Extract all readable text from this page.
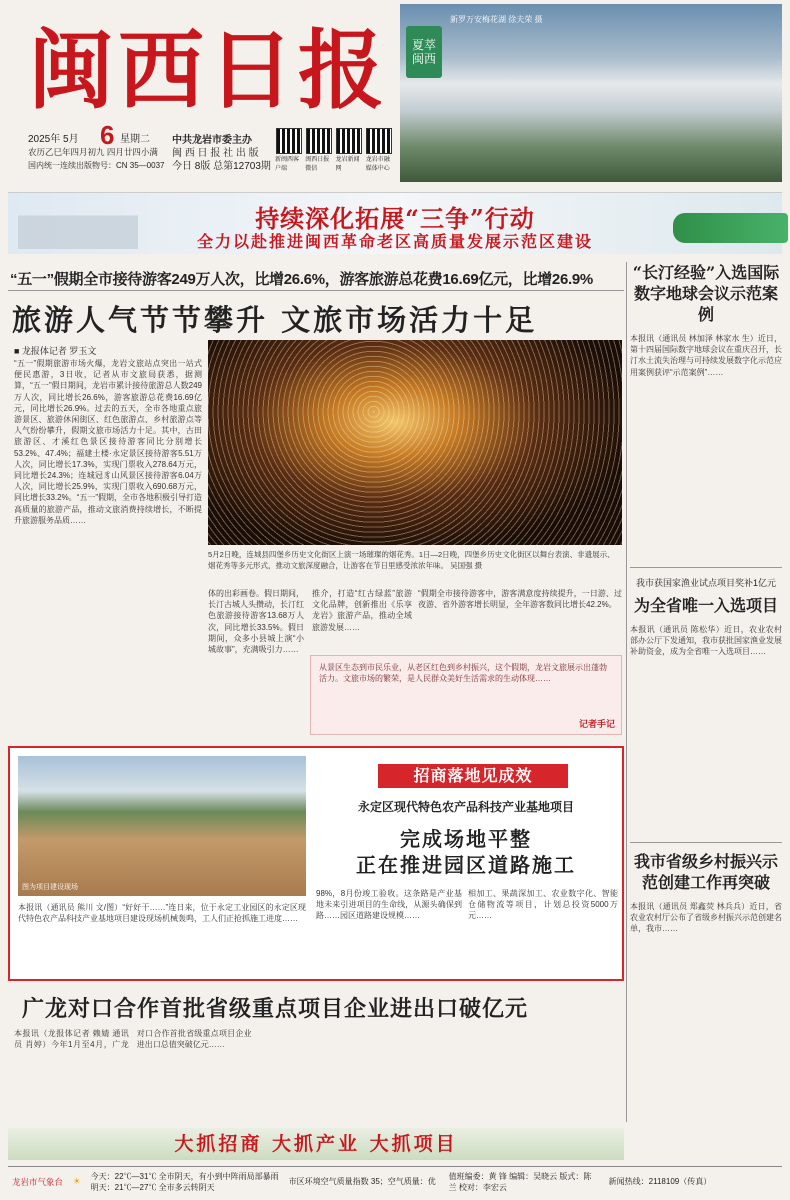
闽西日报
2025年 5月 6 星期二
农历乙巳年四月初九 四月廿四小满
国内统一连续出版物号：CN 35—0037
中共龙岩市委主办
闽 西 日 报 社 出 版
今日 8版 总第12703期
新闽西客户端
闽西日报微信
龙岩新闻网
龙岩市融媒体中心
夏萃 闽西
新罗万安梅花湖 徐夫荣 摄
持续深化拓展“三争”行动
全力以赴推进闽西革命老区高质量发展示范区建设
“五一”假期全市接待游客249万人次，比增26.6%，游客旅游总花费16.69亿元，比增26.9%
旅游人气节节攀升 文旅市场活力十足
■ 龙报体记者 罗玉文
“五一”假期旅游市场火爆，龙岩文旅站点突出一站式便民惠游，3日收，记者从市文旅局获悉，据测算，“五一”假日期间，龙岩市累计接待旅游总人数249万人次，同比增长26.6%，游客旅游总花费16.69亿元，同比增长26.9%。过去的五天，全市各地重点旅游景区、旅游休闲街区、红色旅游点、乡村旅游点等人气纷纷攀升，假期文旅市场活力十足。其中，古田旅游区、才溪红色景区接待游客同比分别增长53.2%、47.4%；福建土楼·永定景区接待游客5.51万人次，同比增长17.3%，实现门票收入278.64万元，同比增长24.3%；连城冠豸山风景区接待游客6.04万人次，同比增长25.9%，实现门票收入690.68万元，同比增长33.2%。“五一”假期，全市各地积极引导打造高质量的旅游产品，推动文旅消费持续增长，不断提升旅游服务品质……
5月2日晚，连城县四堡乡历史文化街区上演一场璀璨的烟花秀。1日—2日晚，四堡乡历史文化街区以舞台表演、非遗展示、烟花秀等多元形式，推动文旅深度融合，让游客在节日里感受浓浓年味。 吴国强 摄
体的出彩画卷。假日期间，长汀古城人头攒动，长汀红色旅游接待游客13.68万人次，同比增长33.5%。假日期间，众多小县城上演“小城故事”，充满吸引力……
推介，打造“红古绿蓝”旅游文化品牌，创新推出《乐享龙岩》旅游产品，推动全域旅游发展……
“假期全市接待游客中，游客满意度持续提升，一日游、过夜游、省外游客增长明显，全年游客数同比增长42.2%。
从景区生态到市民乐业，从老区红色到乡村振兴，这个假期，龙岩文旅展示出蓬勃活力。文旅市场的繁荣，是人民群众美好生活需求的生动体现……
记者手记
图为项目建设现场
招商落地见成效
永定区现代特色农产品科技产业基地项目
完成场地平整
正在推进园区道路施工
98%，8月份竣工验收。这条路是产业基地未来引进项目的生命线，从源头确保到路……园区道路建设规模……
相加工、果蔬深加工、农业数字化、智能仓储物流等项目，计划总投资5000万元……
本报讯（通讯员 熊川 文/图）“好好干……”连日来，位于永定工业园区的永定区现代特色农产品科技产业基地项目建设现场机械轰鸣，工人们正抢抓施工进度……
“长汀经验”入选国际数字地球会议示范案例
本报讯（通讯员 林加泽 林家水 生）近日，第十四届国际数字地球会议在重庆召开，长汀水土流失治理与可持续发展数字化示范应用案例获评“示范案例”……
我市获国家渔业试点项目奖补1亿元
为全省唯一入选项目
本报讯（通讯员 陈松华）近日，农业农村部办公厅下发通知，我市获批国家渔业发展补助资金，成为全省唯一入选项目……
我市省级乡村振兴示范创建工作再突破
本报讯（通讯员 郑鑫荧 林兵兵）近日，省农业农村厅公布了省级乡村振兴示范创建名单，我市……
广龙对口合作首批省级重点项目企业进出口破亿元
本报讯（龙报体记者 赖婧 通讯员 肖婷）今年1月至4月，广龙对口合作首批省级重点项目企业进出口总值突破亿元……
大抓招商 大抓产业 大抓项目
龙岩市气象台 ☀ 今天：22℃—31℃ 全市阴天，有小到中阵雨局部暴雨
明天：21℃—27℃ 全市多云转阴天
市区环境空气质量指数 35；空气质量：优
值班编委：黄 锋 编辑：吴晓云 版式：陈 兰 校对：李宏云
新闻热线：2118109（传真）
